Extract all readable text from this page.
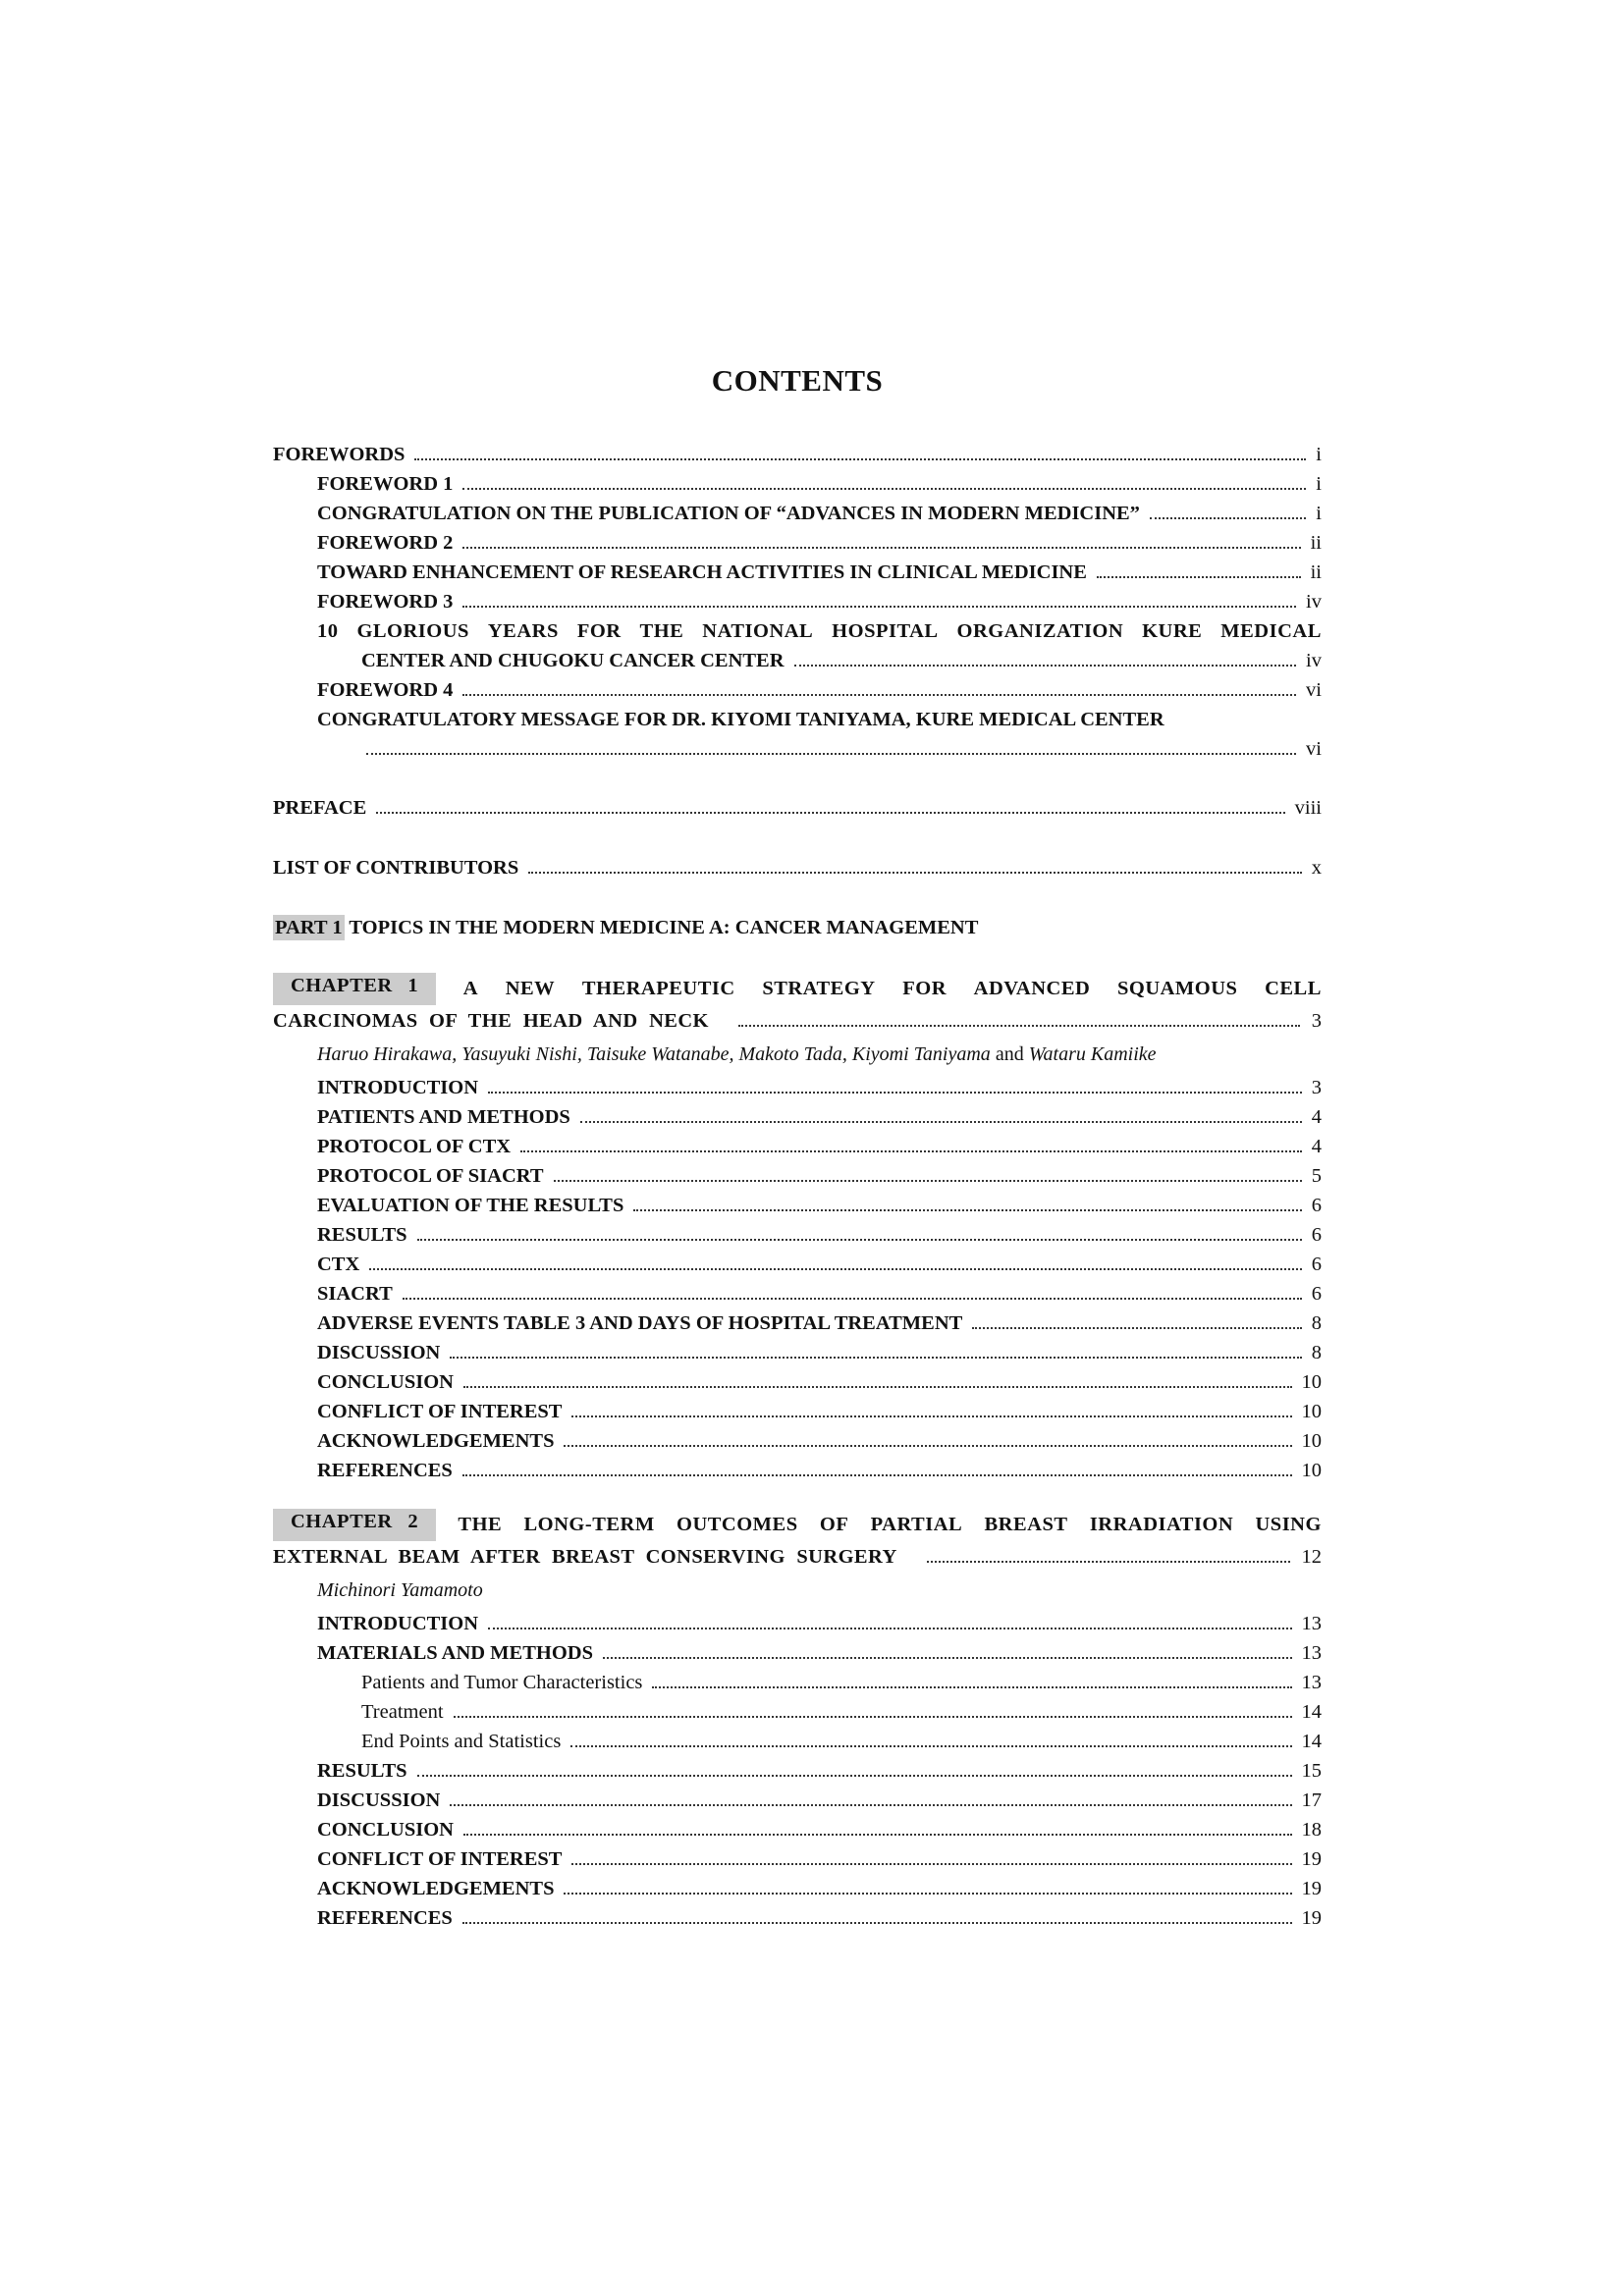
CONTENTS
FOREWORDS	i
FOREWORD 1	i
CONGRATULATION ON THE PUBLICATION OF “ADVANCES IN MODERN MEDICINE”	i
FOREWORD 2	ii
TOWARD ENHANCEMENT OF RESEARCH ACTIVITIES IN CLINICAL MEDICINE	ii
FOREWORD 3	iv
10 GLORIOUS YEARS FOR THE NATIONAL HOSPITAL ORGANIZATION KURE MEDICAL
CENTER AND CHUGOKU CANCER CENTER	iv
FOREWORD 4	vi
CONGRATULATORY MESSAGE FOR DR. KIYOMI TANIYAMA, KURE MEDICAL CENTER
vi
PREFACE	viii
LIST OF CONTRIBUTORS	x
PART 1 TOPICS IN THE MODERN MEDICINE A: CANCER MANAGEMENT
CHAPTER 1	A NEW THERAPEUTIC STRATEGY FOR ADVANCED SQUAMOUS CELL
CARCINOMAS OF THE HEAD AND NECK	3
Haruo Hirakawa, Yasuyuki Nishi, Taisuke Watanabe, Makoto Tada, Kiyomi Taniyama and Wataru Kamiike
INTRODUCTION	3
PATIENTS AND METHODS	4
PROTOCOL OF CTX	4
PROTOCOL OF SIACRT	5
EVALUATION OF THE RESULTS	6
RESULTS	6
CTX	6
SIACRT	6
ADVERSE EVENTS TABLE 3 AND DAYS OF HOSPITAL TREATMENT	8
DISCUSSION	8
CONCLUSION	10
CONFLICT OF INTEREST	10
ACKNOWLEDGEMENTS	10
REFERENCES	10
CHAPTER 2	THE LONG-TERM OUTCOMES OF PARTIAL BREAST IRRADIATION USING
EXTERNAL BEAM AFTER BREAST CONSERVING SURGERY	12
Michinori Yamamoto
INTRODUCTION	13
MATERIALS AND METHODS	13
Patients and Tumor Characteristics	13
Treatment	14
End Points and Statistics	14
RESULTS	15
DISCUSSION	17
CONCLUSION	18
CONFLICT OF INTEREST	19
ACKNOWLEDGEMENTS	19
REFERENCES	19
